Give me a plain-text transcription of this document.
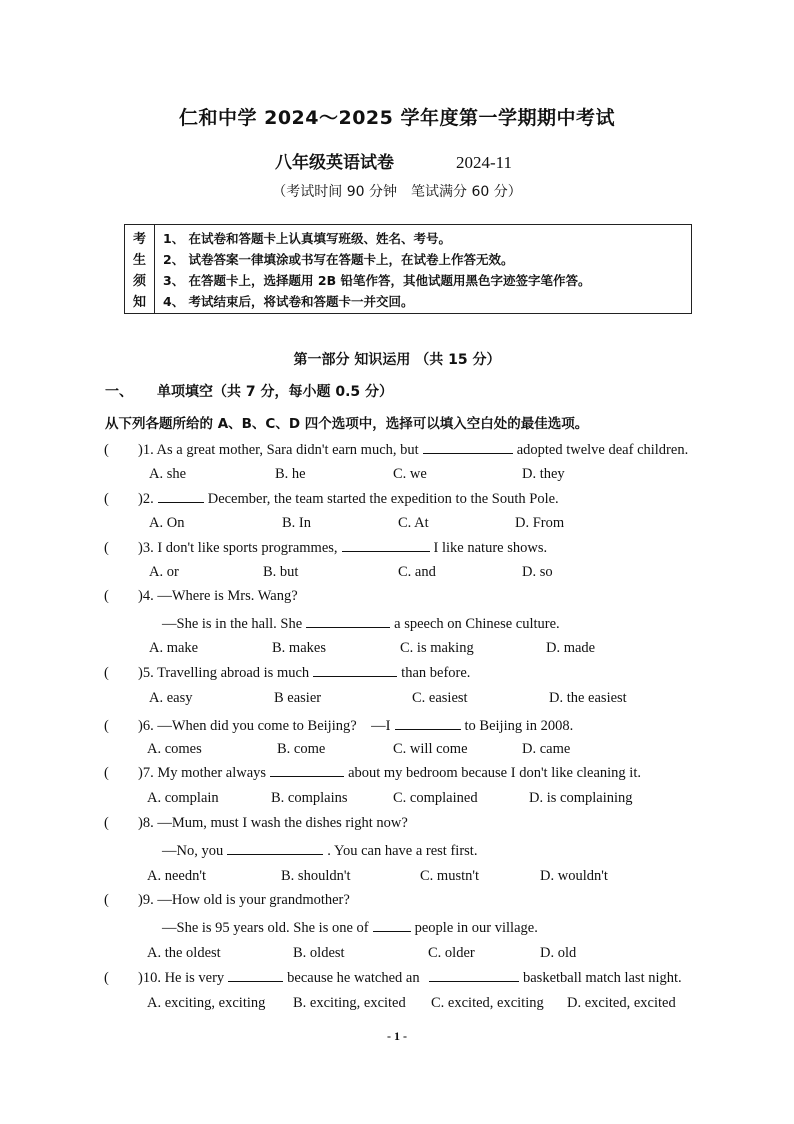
仁和中学 2024～2025 学年度第一学期期中考试
八年级英语试卷	2024-11
（考试时间 90 分钟　笔试满分 60 分）
考
生
须
知
1、 在试卷和答题卡上认真填写班级、姓名、考号。
2、 试卷答案一律填涂或书写在答题卡上，在试卷上作答无效。
3、 在答题卡上，选择题用 2B 铅笔作答，其他试题用黑色字迹签字笔作答。
4、 考试结束后，将试卷和答题卡一并交回。
第一部分 知识运用 （共 15 分）
一、 单项填空（共 7 分，每小题 0.5 分）
从下列各题所给的 A、B、C、D 四个选项中，选择可以填入空白处的最佳选项。
( )1. As a great mother, Sara didn't earn much, but	adopted twelve deaf children.
A. she	B. he	C. we	D. they
( )2.	December, the team started the expedition to the South Pole.
A. On	B. In	C. At	D. From
( )3. I don't like sports programmes,	I like nature shows.
A. or	B. but	C. and	D. so
( )4. —Where is Mrs. Wang?
—She is in the hall. She	a speech on Chinese culture.
A. make	B. makes	C. is making	D. made
( )5. Travelling abroad is much	than before.
A. easy	B easier	C. easiest	D. the easiest
( )6. —When did you come to Beijing?　—I	to Beijing in 2008.
A. comes	B. come	C. will come	D. came
( )7. My mother always	about my bedroom because I don't like cleaning it.
A. complain	B. complains	C. complained	D. is complaining
( )8. —Mum, must I wash the dishes right now?
—No, you	. You can have a rest first.
A. needn't	B. shouldn't	C. mustn't	D. wouldn't
( )9. —How old is your grandmother?
—She is 95 years old. She is one of	people in our village.
A. the oldest	B. oldest	C. older	D. old
( )10. He is very	because he watched an	basketball match last night.
A. exciting, exciting B. exciting, excited C. excited, exciting D. excited, excited
- 1 -
